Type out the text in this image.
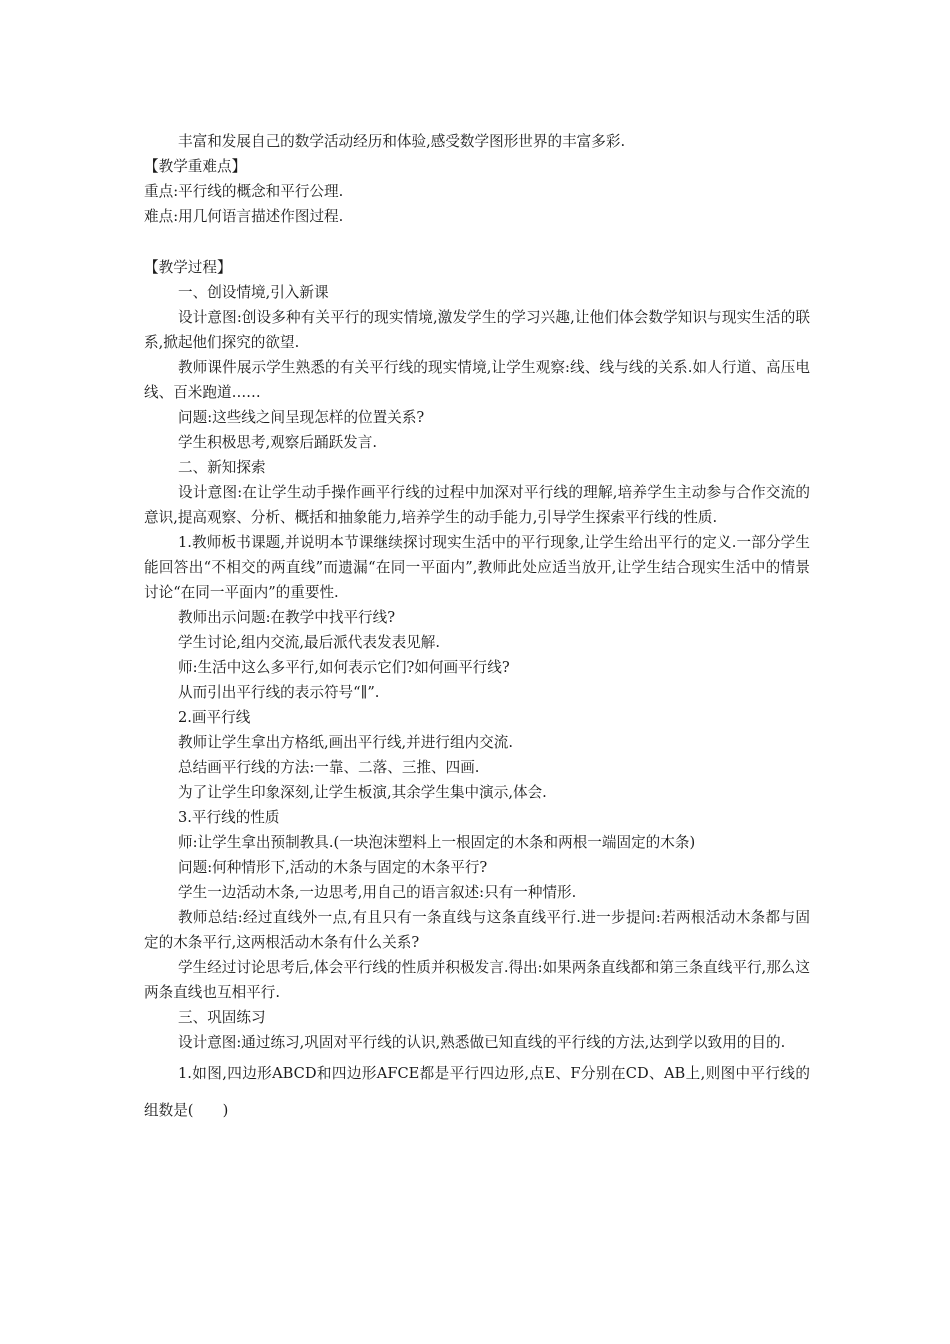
丰富和发展自己的数学活动经历和体验,感受数学图形世界的丰富多彩.

【教学重难点】

重点:平行线的概念和平行公理.

难点:用几何语言描述作图过程.

【教学过程】

一、创设情境,引入新课

设计意图:创设多种有关平行的现实情境,激发学生的学习兴趣,让他们体会数学知识与现实生活的联系,掀起他们探究的欲望.

教师课件展示学生熟悉的有关平行线的现实情境,让学生观察:线、线与线的关系.如人行道、高压电线、百米跑道……

问题:这些线之间呈现怎样的位置关系?

学生积极思考,观察后踊跃发言.

二、新知探索

设计意图:在让学生动手操作画平行线的过程中加深对平行线的理解,培养学生主动参与合作交流的意识,提高观察、分析、概括和抽象能力,培养学生的动手能力,引导学生探索平行线的性质.

1.教师板书课题,并说明本节课继续探讨现实生活中的平行现象,让学生给出平行的定义.一部分学生能回答出“不相交的两直线”而遗漏“在同一平面内”,教师此处应适当放开,让学生结合现实生活中的情景讨论“在同一平面内”的重要性.

教师出示问题:在教学中找平行线?

学生讨论,组内交流,最后派代表发表见解.

师:生活中这么多平行,如何表示它们?如何画平行线?

从而引出平行线的表示符号“∥”.

2.画平行线

教师让学生拿出方格纸,画出平行线,并进行组内交流.

总结画平行线的方法:一靠、二落、三推、四画.

为了让学生印象深刻,让学生板演,其余学生集中演示,体会.

3.平行线的性质

师:让学生拿出预制教具.(一块泡沫塑料上一根固定的木条和两根一端固定的木条)

问题:何种情形下,活动的木条与固定的木条平行?

学生一边活动木条,一边思考,用自己的语言叙述:只有一种情形.

教师总结:经过直线外一点,有且只有一条直线与这条直线平行.进一步提问:若两根活动木条都与固定的木条平行,这两根活动木条有什么关系?

学生经过讨论思考后,体会平行线的性质并积极发言.得出:如果两条直线都和第三条直线平行,那么这两条直线也互相平行.

三、巩固练习

设计意图:通过练习,巩固对平行线的认识,熟悉做已知直线的平行线的方法,达到学以致用的目的.

1.如图,四边形ABCD和四边形AFCE都是平行四边形,点E、F分别在CD、AB上,则图中平行线的组数是(　　)
